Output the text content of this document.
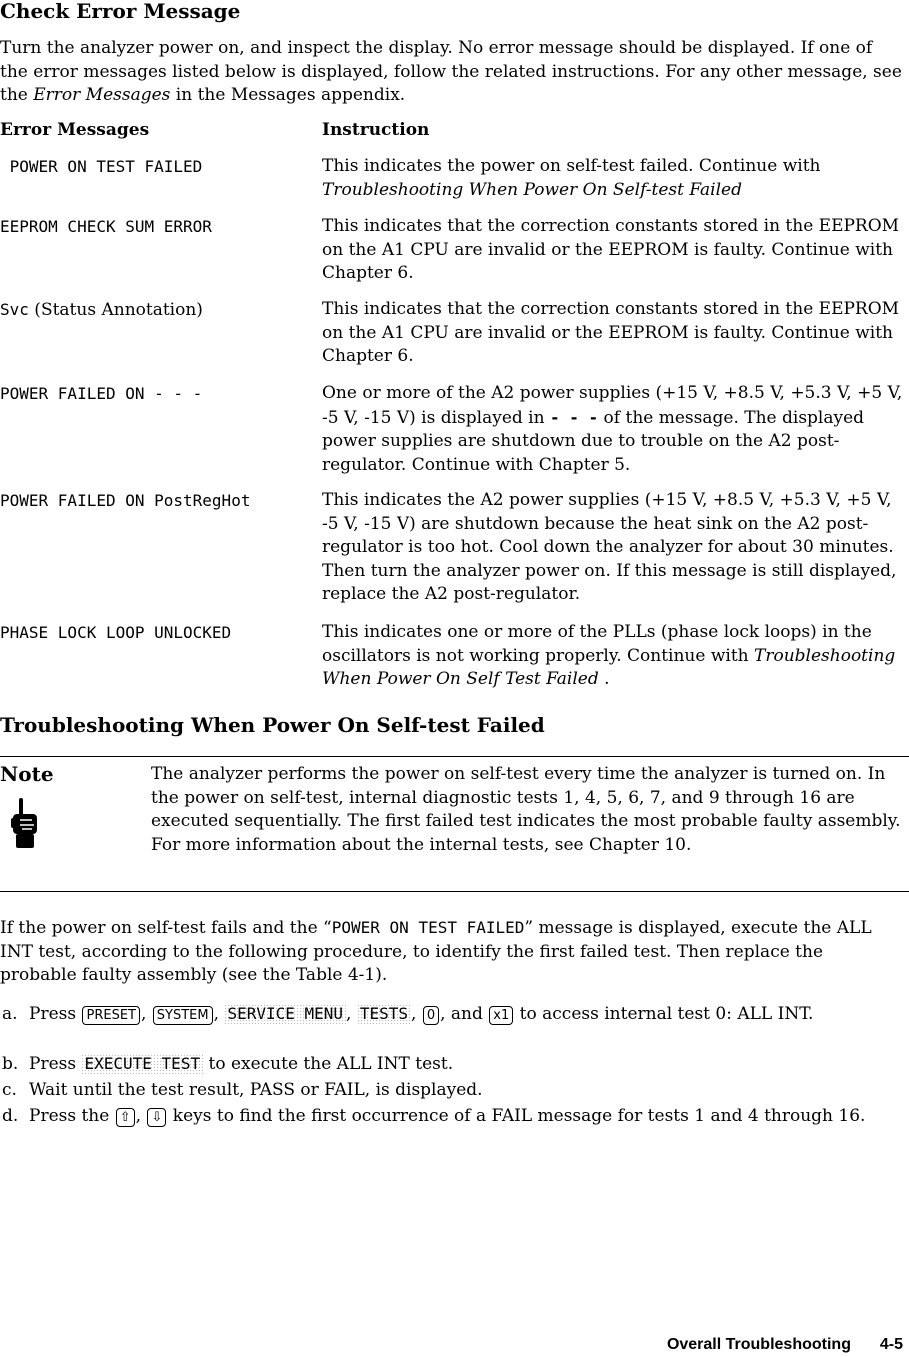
Check Error Message
Turn the analyzer power on, and inspect the display. No error message should be displayed. If one of the error messages listed below is displayed, follow the related instructions. For any other message, see the Error Messages in the Messages appendix.
Error Messages	Instruction
POWER ON TEST FAILED	This indicates the power on self-test failed. Continue with Troubleshooting When Power On Self-test Failed
EEPROM CHECK SUM ERROR	This indicates that the correction constants stored in the EEPROM on the A1 CPU are invalid or the EEPROM is faulty. Continue with Chapter 6.
Svc (Status Annotation)	This indicates that the correction constants stored in the EEPROM on the A1 CPU are invalid or the EEPROM is faulty. Continue with Chapter 6.
POWER FAILED ON - - -	One or more of the A2 power supplies (+15 V, +8.5 V, +5.3 V, +5 V, -5 V, -15 V) is displayed in - - - of the message. The displayed power supplies are shutdown due to trouble on the A2 post-regulator. Continue with Chapter 5.
POWER FAILED ON PostRegHot	This indicates the A2 power supplies (+15 V, +8.5 V, +5.3 V, +5 V, -5 V, -15 V) are shutdown because the heat sink on the A2 post-regulator is too hot. Cool down the analyzer for about 30 minutes. Then turn the analyzer power on. If this message is still displayed, replace the A2 post-regulator.
PHASE LOCK LOOP UNLOCKED	This indicates one or more of the PLLs (phase lock loops) in the oscillators is not working properly. Continue with Troubleshooting When Power On Self Test Failed .
Troubleshooting When Power On Self-test Failed
Note	The analyzer performs the power on self-test every time the analyzer is turned on. In the power on self-test, internal diagnostic tests 1, 4, 5, 6, 7, and 9 through 16 are executed sequentially. The first failed test indicates the most probable faulty assembly. For more information about the internal tests, see Chapter 10.
If the power on self-test fails and the “POWER ON TEST FAILED” message is displayed, execute the ALL INT test, according to the following procedure, to identify the first failed test. Then replace the probable faulty assembly (see the Table 4-1).
a. Press PRESET , SYSTEM , SERVICE MENU , TESTS , 0 , and x1 to access internal test 0: ALL INT.
b. Press EXECUTE TEST to execute the ALL INT test.
c. Wait until the test result, PASS or FAIL, is displayed.
d. Press the ⇧ , ⇩ keys to find the first occurrence of a FAIL message for tests 1 and 4 through 16.
Overall Troubleshooting 4-5
